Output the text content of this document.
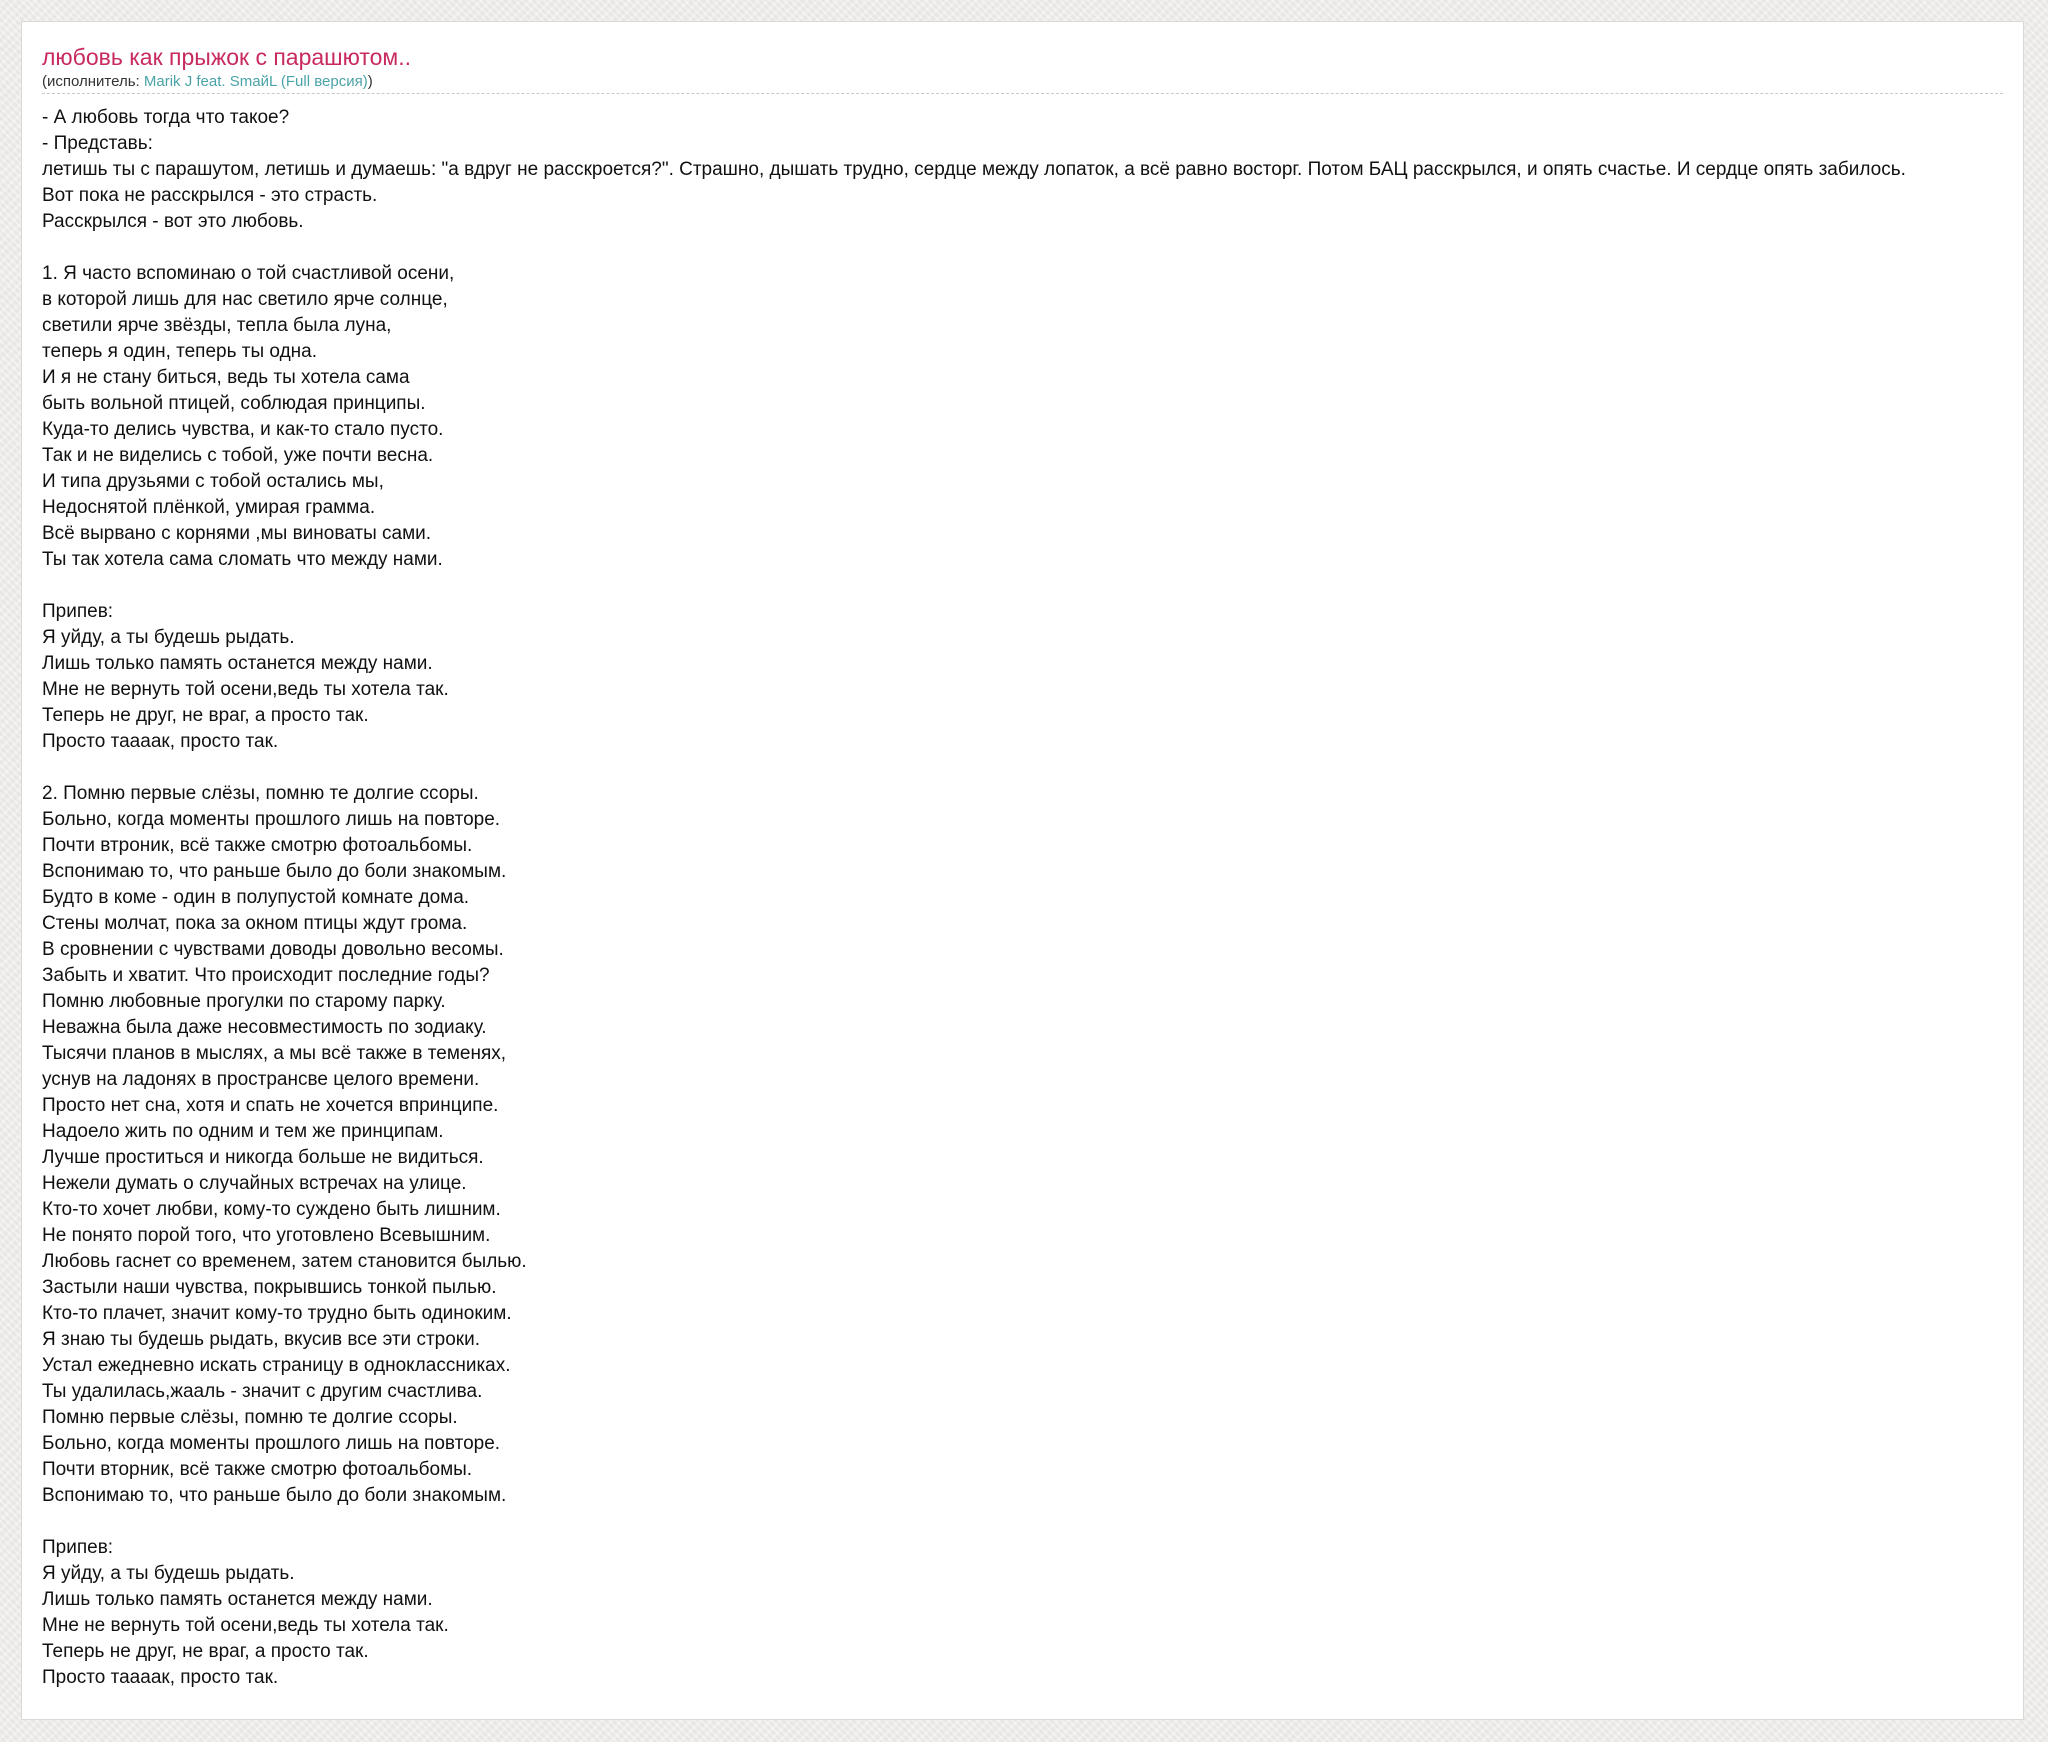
любовь как прыжок с парашютом..
(исполнитель: Marik J feat. SmaйL (Full версия))
- А любовь тогда что такое?
- Представь:
летишь ты с парашутом, летишь и думаешь: "а вдруг не расскроется?". Страшно, дышать трудно, сердце между лопаток, а всё равно восторг. Потом БАЦ расскрылся, и опять счастье. И сердце опять забилось.
Вот пока не расскрылся - это страсть.
Расскрылся - вот это любовь.

1. Я часто вспоминаю о той счастливой осени,
в которой лишь для нас светило ярче солнце,
светили ярче звёзды, тепла была луна,
теперь я один, теперь ты одна.
И я не стану биться, ведь ты хотела сама
быть вольной птицей, соблюдая принципы.
Куда-то делись чувства, и как-то стало пусто.
Так и не виделись с тобой, уже почти весна.
И типа друзьями с тобой остались мы,
Недоснятой плёнкой, умирая грамма.
Всё вырвано с корнями ,мы виноваты сами.
Ты так хотела сама сломать что между нами.

Припев:
Я уйду, а ты будешь рыдать.
Лишь только память останется между нами.
Мне не вернуть той осени,ведь ты хотела так.
Теперь не друг, не враг, а просто так.
Просто таааак, просто так.

2. Помню первые слёзы, помню те долгие ссоры.
Больно, когда моменты прошлого лишь на повторе.
Почти втроник, всё также смотрю фотоальбомы.
Вспонимаю то, что раньше было до боли знакомым.
Будто в коме - один в полупустой комнате дома.
Стены молчат, пока за окном птицы ждут грома.
В сровнении с чувствами доводы довольно весомы.
Забыть и хватит. Что происходит последние годы?
Помню любовные прогулки по старому парку.
Неважна была даже несовместимость по зодиаку.
Тысячи планов в мыслях, а мы всё также в теменях,
уснув на ладонях в прострaнсве целого времени.
Просто нет сна, хотя и спать не хочется впринципе.
Надоело жить по одним и тем же принципам.
Лучше проститься и никогда больше не видиться.
Нежели думать о случайных встречах на улице.
Кто-то хочет любви, кому-то суждено быть лишним.
Не понято порой того, что уготовлено Всевышним.
Любовь гаснет со временем, затем становится былью.
Застыли наши чувства, покрывшись тонкой пылью.
Кто-то плачет, значит кому-то трудно быть одиноким.
Я знаю ты будешь рыдать, вкусив все эти строки.
Устал ежедневно искать страницу в одноклассниках.
Ты удалилась,жааль - значит с другим счастлива.
Помню первые слёзы, помню те долгие ссоры.
Больно, когда моменты прошлого лишь на повторе.
Почти вторник, всё также смотрю фотоальбомы.
Вспонимаю то, что раньше было до боли знакомым.

Припев:
Я уйду, а ты будешь рыдать.
Лишь только память останется между нами.
Мне не вернуть той осени,ведь ты хотела так.
Теперь не друг, не враг, а просто так.
Просто таааак, просто так.
